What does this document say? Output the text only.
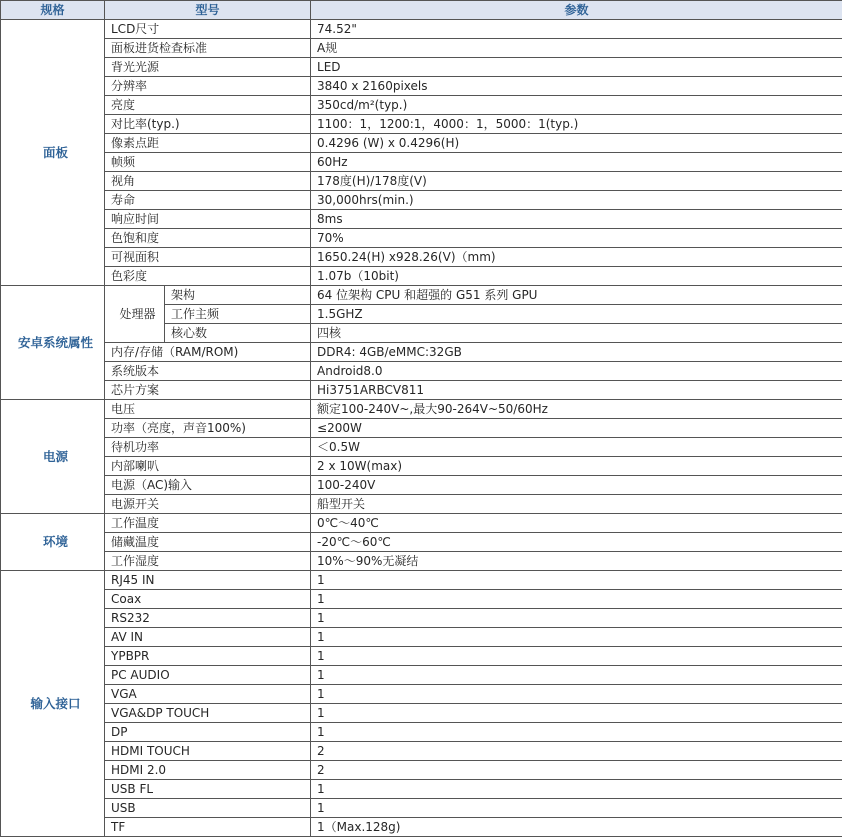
规格	型号		参数
面板	LCD尺寸		74.52"
	面板进货检查标准		A规
	背光光源		LED
	分辨率		3840 x 2160pixels
	亮度		350cd/m²(typ.)
	对比率(typ.)		1100：1，1200:1，4000：1，5000：1(typ.)
	像素点距		0.4296 (W) x 0.4296(H)
	帧频		60Hz
	视角		178度(H)/178度(V)
	寿命		30,000hrs(min.)
	响应时间		8ms
	色饱和度		70%
	可视面积		1650.24(H) x928.26(V)（mm)
	色彩度		1.07b（10bit)
安卓系统属性	处理器	架构	64 位架构 CPU 和超强的 G51 系列 GPU
		工作主频	1.5GHZ
		核心数	四核
	内存/存储（RAM/ROM)		DDR4: 4GB/eMMC:32GB
	系统版本		Android8.0
	芯片方案		Hi3751ARBCV811
电源	电压		额定100-240V~,最大90-264V~50/60Hz
	功率（亮度，声音100%)		≤200W
	待机功率		＜0.5W
	内部喇叭		2 x 10W(max)
	电源（AC)输入		100-240V
	电源开关		船型开关
环境	工作温度		0℃～40℃
	储藏温度		-20℃～60℃
	工作湿度		10%～90%无凝结
输入接口	RJ45 IN		1
	Coax		1
	RS232		1
	AV IN		1
	YPBPR		1
	PC AUDIO		1
	VGA		1
	VGA&DP TOUCH		1
	DP		1
	HDMI TOUCH		2
	HDMI 2.0		2
	USB FL		1
	USB		1
	TF		1（Max.128g)
